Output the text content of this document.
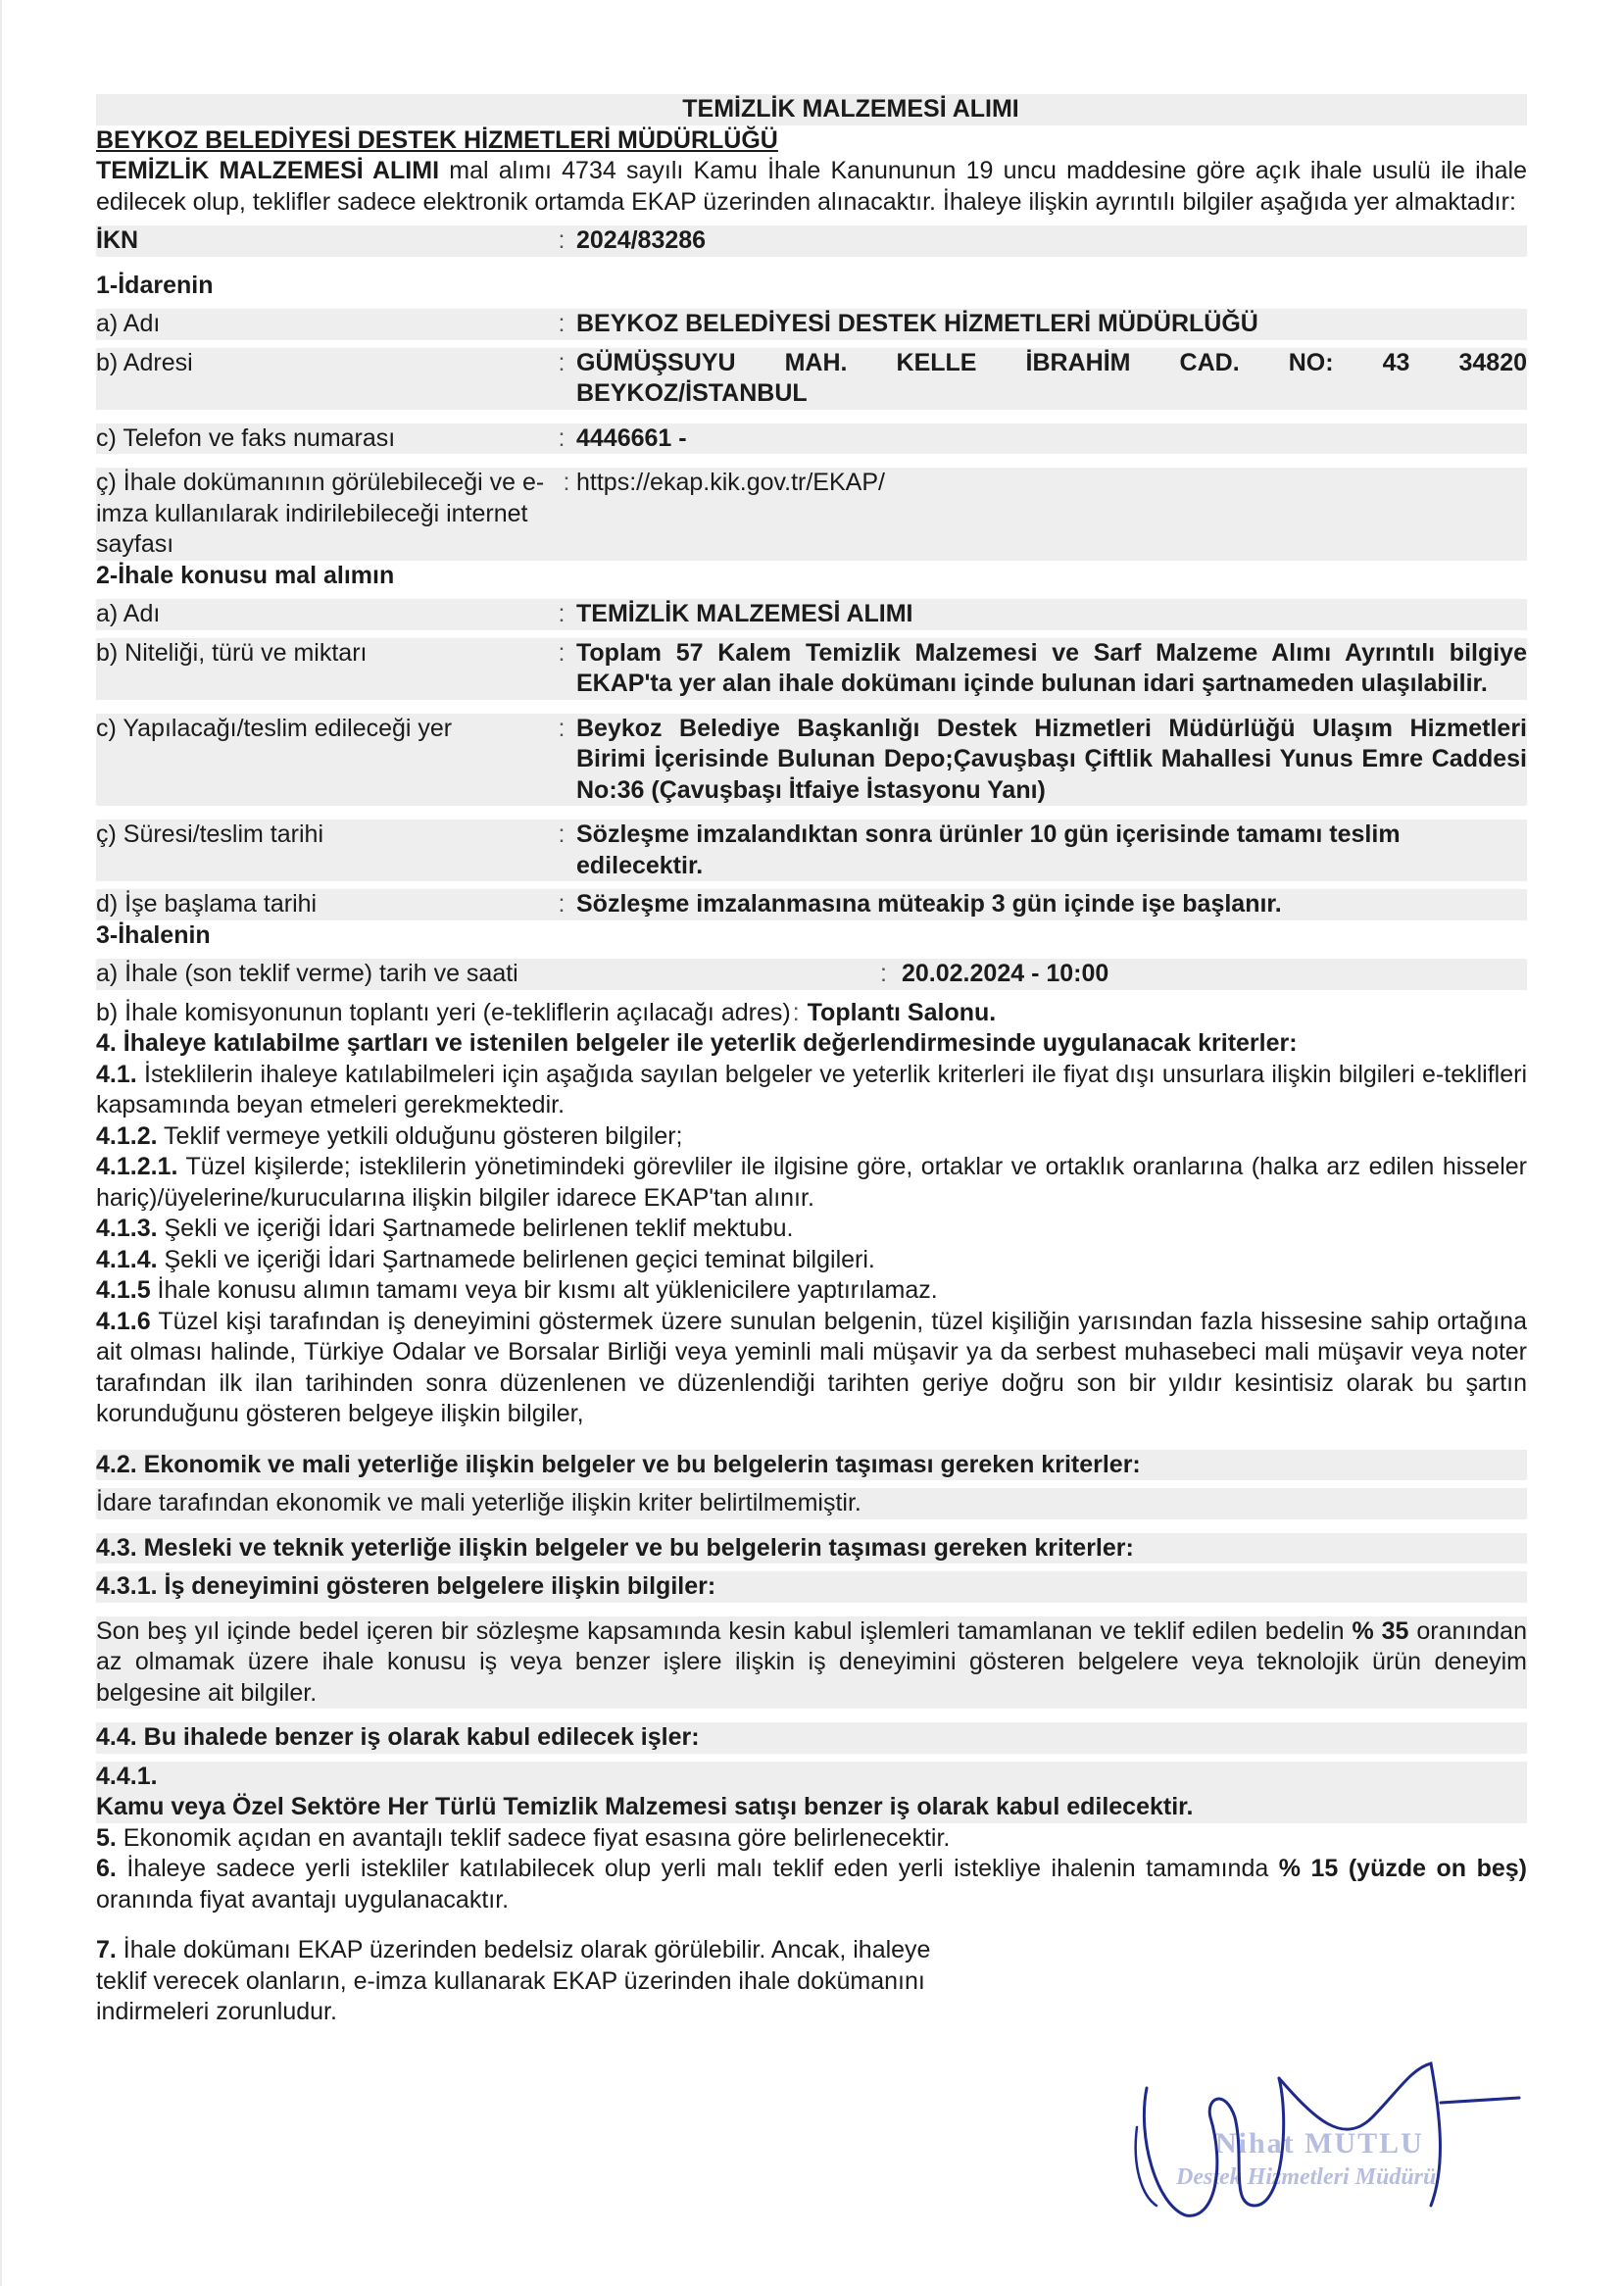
TEMİZLİK MALZEMESİ ALIMI
BEYKOZ BELEDİYESİ DESTEK HİZMETLERİ MÜDÜRLÜĞÜ
TEMİZLİK MALZEMESİ ALIMI mal alımı 4734 sayılı Kamu İhale Kanununun 19 uncu maddesine göre açık ihale usulü ile ihale edilecek olup, teklifler sadece elektronik ortamda EKAP üzerinden alınacaktır. İhaleye ilişkin ayrıntılı bilgiler aşağıda yer almaktadır:
İKN	: 2024/83286
1-İdarenin
a) Adı	: BEYKOZ BELEDİYESİ DESTEK HİZMETLERİ MÜDÜRLÜĞÜ
b) Adresi	: GÜMÜŞSUYU MAH. KELLE İBRAHİM CAD. NO: 43 34820
BEYKOZ/İSTANBUL
c) Telefon ve faks numarası	: 4446661 -
ç) İhale dokümanının görülebileceği ve e-imza kullanılarak indirilebileceği internet sayfası
: https://ekap.kik.gov.tr/EKAP/
2-İhale konusu mal alımın
a) Adı	: TEMİZLİK MALZEMESİ ALIMI
b) Niteliği, türü ve miktarı	: Toplam 57 Kalem Temizlik Malzemesi ve Sarf Malzeme Alımı Ayrıntılı bilgiye EKAP'ta yer alan ihale dokümanı içinde bulunan idari şartnameden ulaşılabilir.
c) Yapılacağı/teslim edileceği yer	: Beykoz Belediye Başkanlığı Destek Hizmetleri Müdürlüğü Ulaşım Hizmetleri Birimi İçerisinde Bulunan Depo;Çavuşbaşı Çiftlik Mahallesi Yunus Emre Caddesi No:36 (Çavuşbaşı İtfaiye İstasyonu Yanı)
ç) Süresi/teslim tarihi	: Sözleşme imzalandıktan sonra ürünler 10 gün içerisinde tamamı teslim edilecektir.
d) İşe başlama tarihi	: Sözleşme imzalanmasına müteakip 3 gün içinde işe başlanır.
3-İhalenin
a) İhale (son teklif verme) tarih ve saati	: 20.02.2024 - 10:00
b) İhale komisyonunun toplantı yeri (e-tekliflerin açılacağı adres) : Toplantı Salonu.
4. İhaleye katılabilme şartları ve istenilen belgeler ile yeterlik değerlendirmesinde uygulanacak kriterler:
4.1. İsteklilerin ihaleye katılabilmeleri için aşağıda sayılan belgeler ve yeterlik kriterleri ile fiyat dışı unsurlara ilişkin bilgileri e-teklifleri kapsamında beyan etmeleri gerekmektedir.
4.1.2. Teklif vermeye yetkili olduğunu gösteren bilgiler;
4.1.2.1. Tüzel kişilerde; isteklilerin yönetimindeki görevliler ile ilgisine göre, ortaklar ve ortaklık oranlarına (halka arz edilen hisseler hariç)/üyelerine/kurucularına ilişkin bilgiler idarece EKAP'tan alınır.
4.1.3. Şekli ve içeriği İdari Şartnamede belirlenen teklif mektubu.
4.1.4. Şekli ve içeriği İdari Şartnamede belirlenen geçici teminat bilgileri.
4.1.5 İhale konusu alımın tamamı veya bir kısmı alt yüklenicilere yaptırılamaz.
4.1.6 Tüzel kişi tarafından iş deneyimini göstermek üzere sunulan belgenin, tüzel kişiliğin yarısından fazla hissesine sahip ortağına ait olması halinde, Türkiye Odalar ve Borsalar Birliği veya yeminli mali müşavir ya da serbest muhasebeci mali müşavir veya noter tarafından ilk ilan tarihinden sonra düzenlenen ve düzenlendiği tarihten geriye doğru son bir yıldır kesintisiz olarak bu şartın korunduğunu gösteren belgeye ilişkin bilgiler,
4.2. Ekonomik ve mali yeterliğe ilişkin belgeler ve bu belgelerin taşıması gereken kriterler:
İdare tarafından ekonomik ve mali yeterliğe ilişkin kriter belirtilmemiştir.
4.3. Mesleki ve teknik yeterliğe ilişkin belgeler ve bu belgelerin taşıması gereken kriterler:
4.3.1. İş deneyimini gösteren belgelere ilişkin bilgiler:
Son beş yıl içinde bedel içeren bir sözleşme kapsamında kesin kabul işlemleri tamamlanan ve teklif edilen bedelin % 35 oranından az olmamak üzere ihale konusu iş veya benzer işlere ilişkin iş deneyimini gösteren belgelere veya teknolojik ürün deneyim belgesine ait bilgiler.
4.4. Bu ihalede benzer iş olarak kabul edilecek işler:
4.4.1.
Kamu veya Özel Sektöre Her Türlü Temizlik Malzemesi satışı benzer iş olarak kabul edilecektir.
5. Ekonomik açıdan en avantajlı teklif sadece fiyat esasına göre belirlenecektir.
6. İhaleye sadece yerli istekliler katılabilecek olup yerli malı teklif eden yerli istekliye ihalenin tamamında % 15 (yüzde on beş) oranında fiyat avantajı uygulanacaktır.
7. İhale dokümanı EKAP üzerinden bedelsiz olarak görülebilir. Ancak, ihaleye teklif verecek olanların, e-imza kullanarak EKAP üzerinden ihale dokümanını indirmeleri zorunludur.
Nihat MUTLU
Destek Hizmetleri Müdürü
